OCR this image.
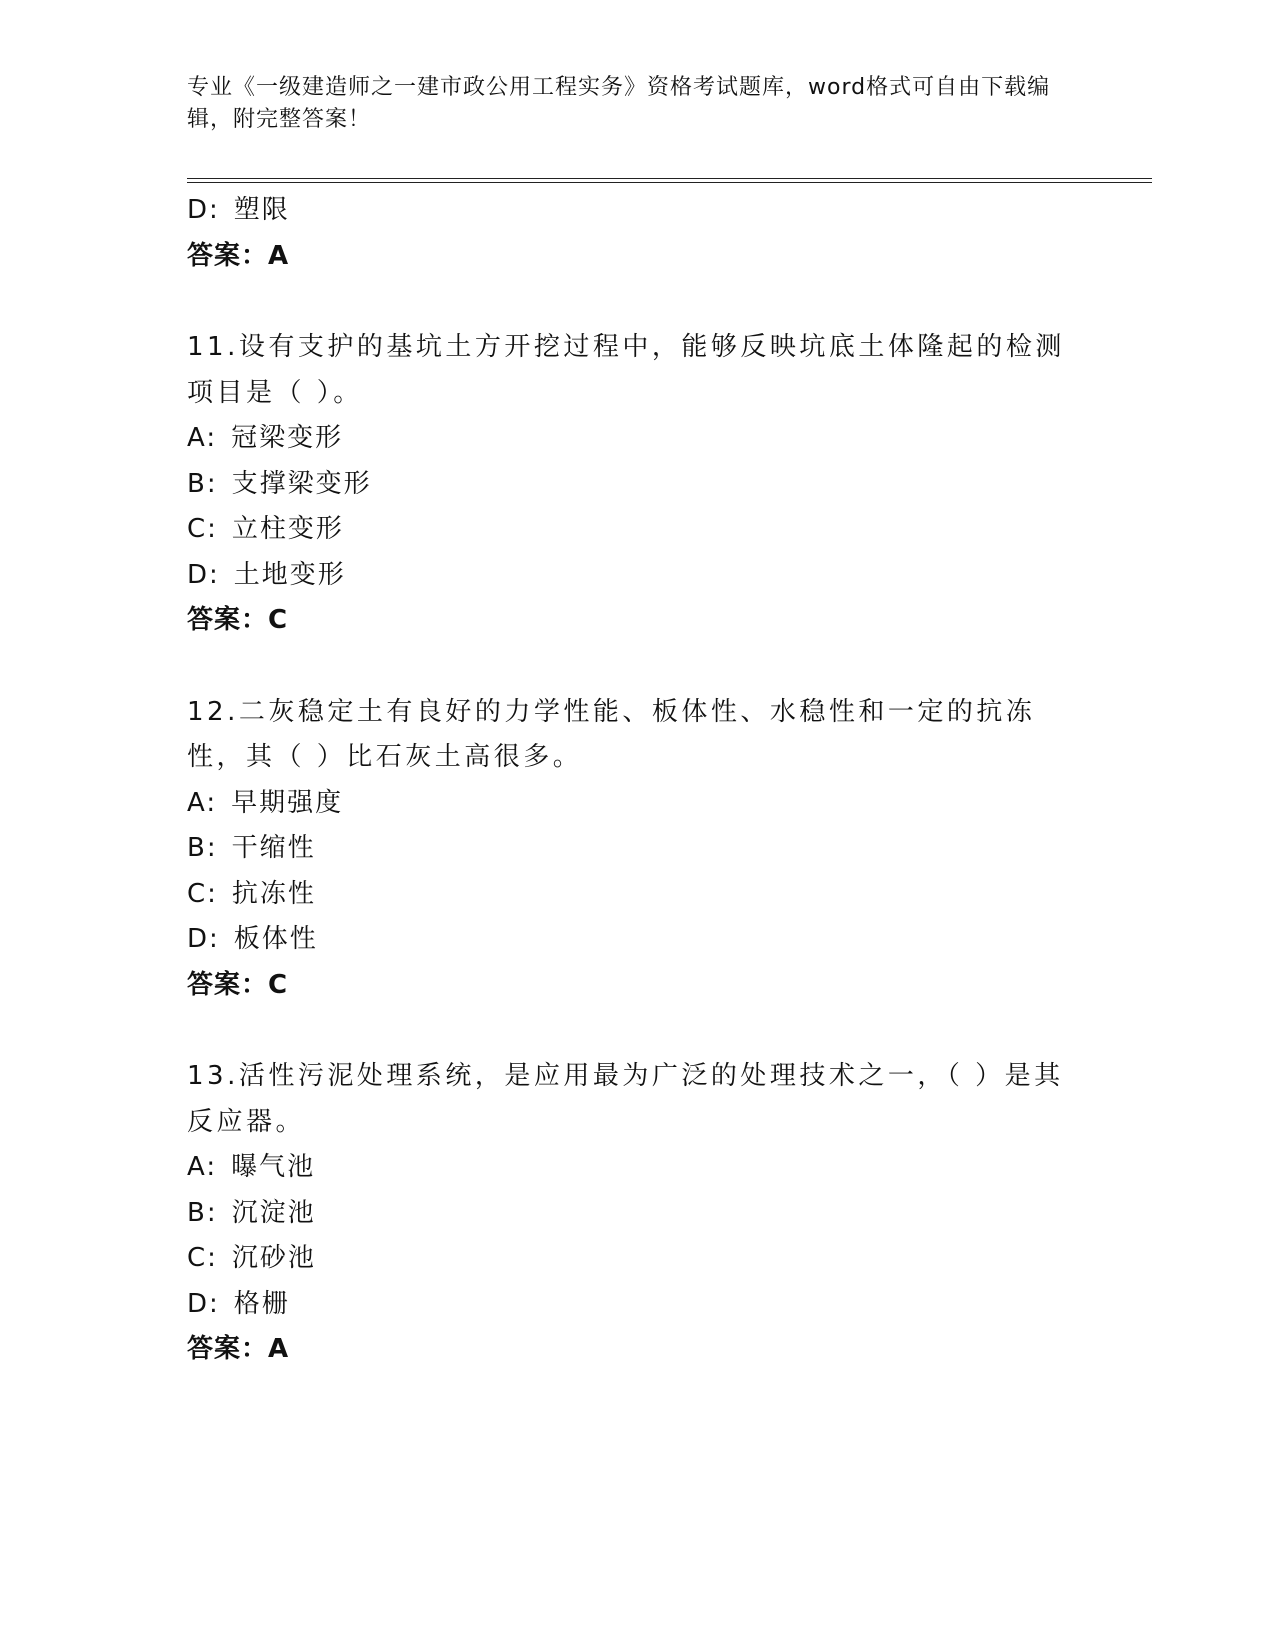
专业《一级建造师之一建市政公用工程实务》资格考试题库，word格式可自由下载编辑，附完整答案！
D: 塑限
答案：A
11.设有支护的基坑土方开挖过程中，能够反映坑底土体隆起的检测项目是（ ）。
A: 冠梁变形
B: 支撑梁变形
C: 立柱变形
D: 土地变形
答案：C
12.二灰稳定土有良好的力学性能、板体性、水稳性和一定的抗冻性，其（ ）比石灰土高很多。
A: 早期强度
B: 干缩性
C: 抗冻性
D: 板体性
答案：C
13.活性污泥处理系统，是应用最为广泛的处理技术之一，（ ）是其反应器。
A: 曝气池
B: 沉淀池
C: 沉砂池
D: 格栅
答案：A
